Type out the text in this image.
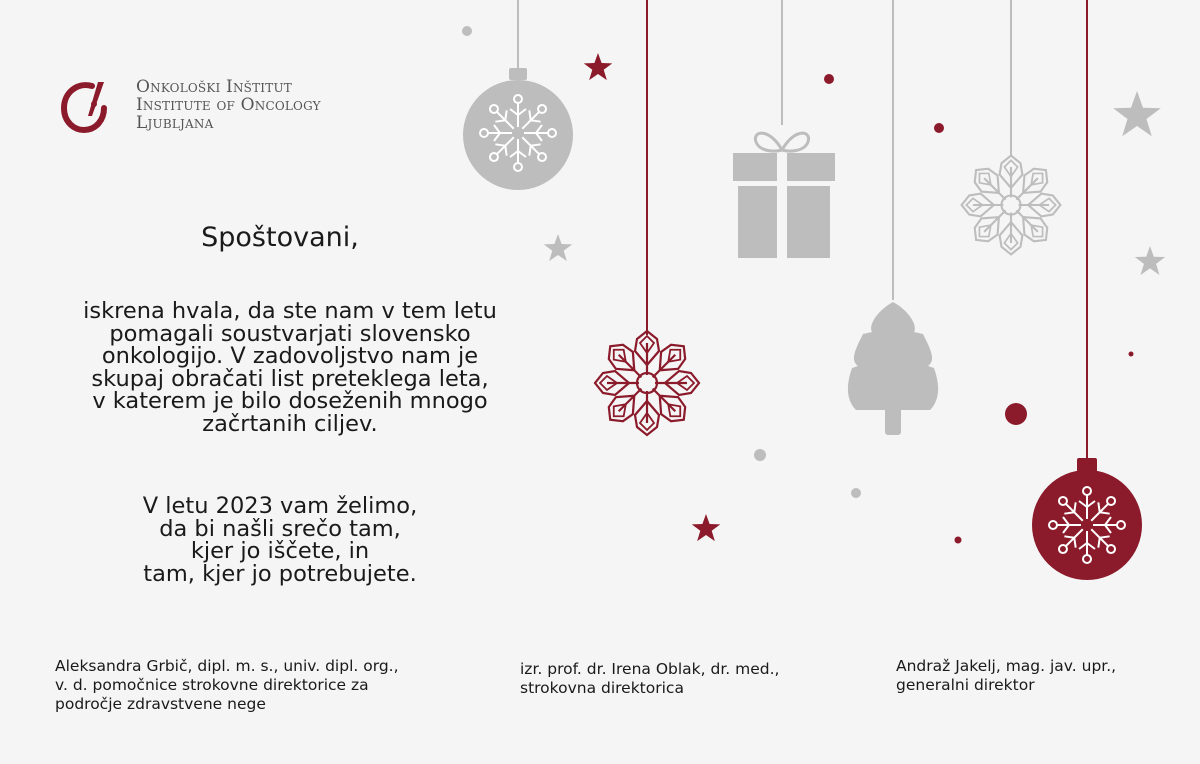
Onkološki Inštitut
Institute of Oncology
Ljubljana
Spoštovani,
iskrena hvala, da ste nam v tem letu
pomagali soustvarjati slovensko
onkologijo. V zadovoljstvo nam je
skupaj obračati list preteklega leta,
v katerem je bilo doseženih mnogo
začrtanih ciljev.
V letu 2023 vam želimo,
da bi našli srečo tam,
kjer jo iščete, in
tam, kjer jo potrebujete.
Aleksandra Grbič, dipl. m. s., univ. dipl. org.,
v. d. pomočnice strokovne direktorice za
področje zdravstvene nege
izr. prof. dr. Irena Oblak, dr. med.,
strokovna direktorica
Andraž Jakelj, mag. jav. upr.,
generalni direktor
